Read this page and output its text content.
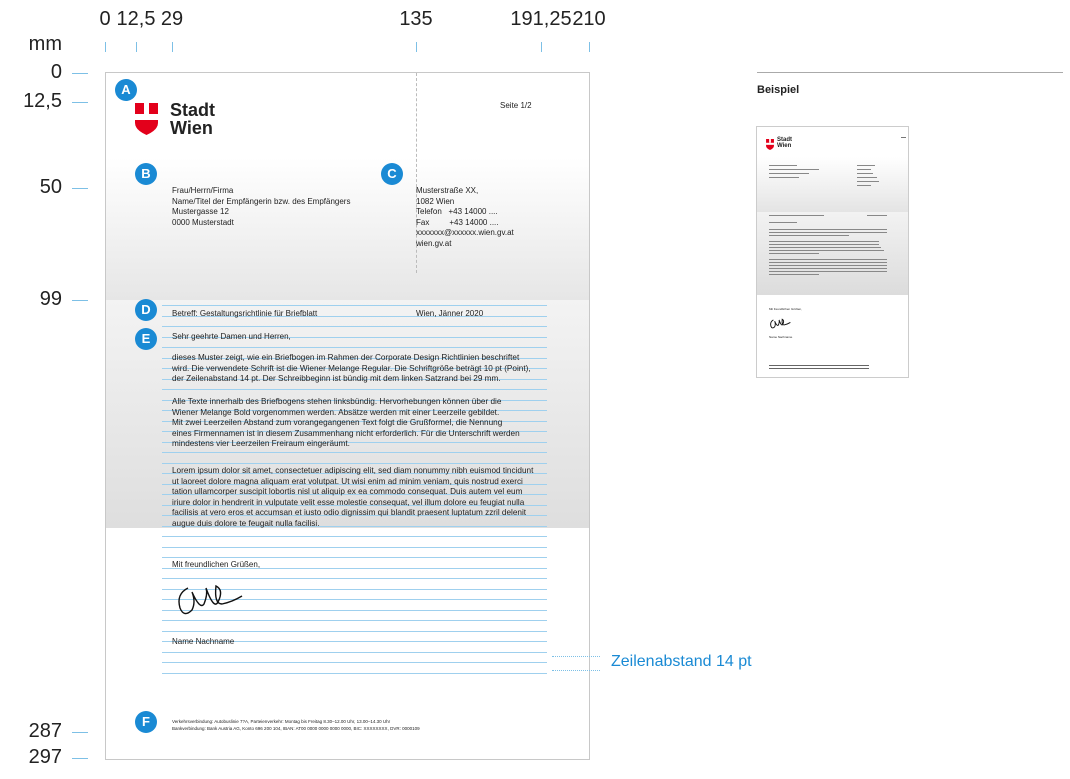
0 12,5 29	135	191,25 210
mm
0
12,5
50
99
287
297
Stadt
Wien
Seite 1/2
A
B	C
D
E
F
Frau/Herrn/Firma
Name/Titel der Empfängerin bzw. des Empfängers
Mustergasse 12
0000 Musterstadt
Musterstraße XX,
1082 Wien
Telefon   +43 14000 ....
Fax         +43 14000 ....
xxxxxxx@xxxxxx.wien.gv.at
wien.gv.at
Betreff: Gestaltungsrichtlinie für Briefblatt	Wien, Jänner 2020
Sehr geehrte Damen und Herren,
dieses Muster zeigt, wie ein Briefbogen im Rahmen der Corporate Design Richtlinien beschriftet
wird. Die verwendete Schrift ist die Wiener Melange Regular. Die Schriftgröße beträgt 10 pt (Point),
der Zeilenabstand 14 pt. Der Schreibbeginn ist bündig mit dem linken Satzrand bei 29 mm.
Alle Texte innerhalb des Briefbogens stehen linksbündig. Hervorhebungen können über die
Wiener Melange Bold vorgenommen werden. Absätze werden mit einer Leerzeile gebildet.
Mit zwei Leerzeilen Abstand zum vorangegangenen Text folgt die Grußformel, die Nennung
eines Firmennamen ist in diesem Zusammenhang nicht erforderlich. Für die Unterschrift werden
mindestens vier Leerzeilen Freiraum eingeräumt.
Lorem ipsum dolor sit amet, consectetuer adipiscing elit, sed diam nonummy nibh euismod tincidunt
ut laoreet dolore magna aliquam erat volutpat. Ut wisi enim ad minim veniam, quis nostrud exerci
tation ullamcorper suscipit lobortis nisl ut aliquip ex ea commodo consequat. Duis autem vel eum
iriure dolor in hendrerit in vulputate velit esse molestie consequat, vel illum dolore eu feugiat nulla
facilisis at vero eros et accumsan et iusto odio dignissim qui blandit praesent luptatum zzril delenit
augue duis dolore te feugait nulla facilisi.
Mit freundlichen Grüßen,
Name Nachname
Verkehrsverbindung: Autobuslinie 7?A, Parteienverkehr: Montag bis Freitag 8.30–12.00 Uhr, 13.00–14.30 Uhr
Bankverbindung: Bank Austria AG, Konto 696 200 104, IBAN: AT00 0000 0000 0000 0000, BIC: XXXXXXXX, DVR: 0000109
Zeilenabstand 14 pt
Beispiel
Stadt
Wien
Mit freundlichen Grüßen,
Name Nachname
